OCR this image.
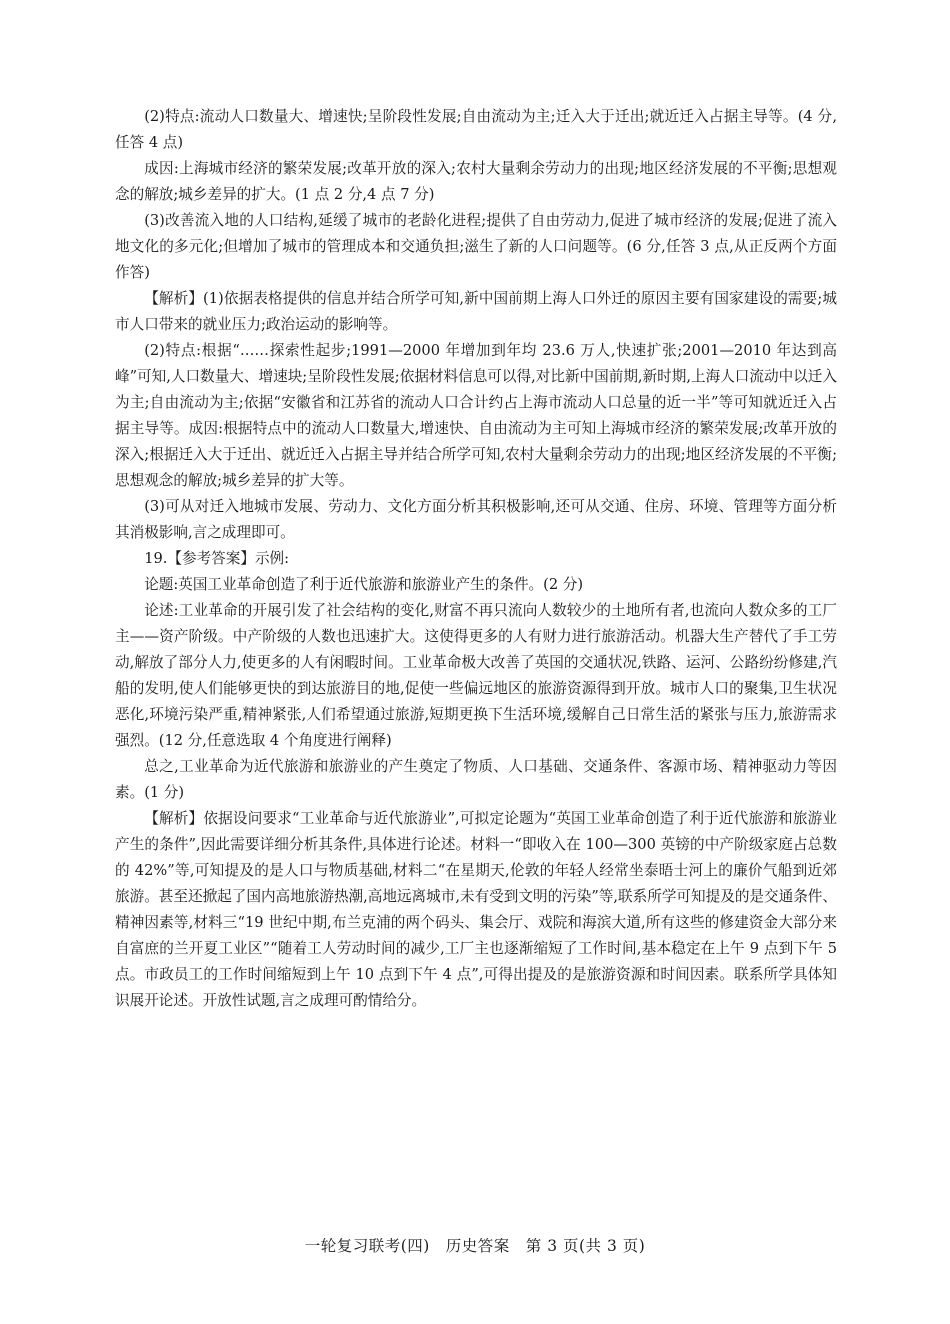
(2)特点:流动人口数量大、增速快;呈阶段性发展;自由流动为主;迁入大于迁出;就近迁入占据主导等。(4 分,任答 4 点)

成因:上海城市经济的繁荣发展;改革开放的深入;农村大量剩余劳动力的出现;地区经济发展的不平衡;思想观念的解放;城乡差异的扩大。(1 点 2 分,4 点 7 分)

(3)改善流入地的人口结构,延缓了城市的老龄化进程;提供了自由劳动力,促进了城市经济的发展;促进了流入地文化的多元化;但增加了城市的管理成本和交通负担;滋生了新的人口问题等。(6 分,任答 3 点,从正反两个方面作答)

【解析】(1)依据表格提供的信息并结合所学可知,新中国前期上海人口外迁的原因主要有国家建设的需要;城市人口带来的就业压力;政治运动的影响等。

(2)特点:根据“……探索性起步;1991—2000 年增加到年均 23.6 万人,快速扩张;2001—2010 年达到高峰”可知,人口数量大、增速块;呈阶段性发展;依据材料信息可以得,对比新中国前期,新时期,上海人口流动中以迁入为主;自由流动为主;依据“安徽省和江苏省的流动人口合计约占上海市流动人口总量的近一半”等可知就近迁入占据主导等。成因:根据特点中的流动人口数量大,增速快、自由流动为主可知上海城市经济的繁荣发展;改革开放的深入;根据迁入大于迁出、就近迁入占据主导并结合所学可知,农村大量剩余劳动力的出现;地区经济发展的不平衡;思想观念的解放;城乡差异的扩大等。

(3)可从对迁入地城市发展、劳动力、文化方面分析其积极影响,还可从交通、住房、环境、管理等方面分析其消极影响,言之成理即可。

19.【参考答案】示例:

论题:英国工业革命创造了利于近代旅游和旅游业产生的条件。(2 分)

论述:工业革命的开展引发了社会结构的变化,财富不再只流向人数较少的土地所有者,也流向人数众多的工厂主——资产阶级。中产阶级的人数也迅速扩大。这使得更多的人有财力进行旅游活动。机器大生产替代了手工劳动,解放了部分人力,使更多的人有闲暇时间。工业革命极大改善了英国的交通状况,铁路、运河、公路纷纷修建,汽船的发明,使人们能够更快的到达旅游目的地,促使一些偏远地区的旅游资源得到开放。城市人口的聚集,卫生状况恶化,环境污染严重,精神紧张,人们希望通过旅游,短期更换下生活环境,缓解自己日常生活的紧张与压力,旅游需求强烈。(12 分,任意选取 4 个角度进行阐释)

总之,工业革命为近代旅游和旅游业的产生奠定了物质、人口基础、交通条件、客源市场、精神驱动力等因素。(1 分)

【解析】依据设问要求“工业革命与近代旅游业”,可拟定论题为“英国工业革命创造了利于近代旅游和旅游业产生的条件”,因此需要详细分析其条件,具体进行论述。材料一“即收入在 100—300 英镑的中产阶级家庭占总数的 42%”等,可知提及的是人口与物质基础,材料二“在星期天,伦敦的年轻人经常坐泰晤士河上的廉价气船到近郊旅游。甚至还掀起了国内高地旅游热潮,高地远离城市,未有受到文明的污染”等,联系所学可知提及的是交通条件、精神因素等,材料三“19 世纪中期,布兰克浦的两个码头、集会厅、戏院和海滨大道,所有这些的修建资金大部分来自富庶的兰开夏工业区”“随着工人劳动时间的减少,工厂主也逐渐缩短了工作时间,基本稳定在上午 9 点到下午 5 点。市政员工的工作时间缩短到上午 10 点到下午 4 点”,可得出提及的是旅游资源和时间因素。联系所学具体知识展开论述。开放性试题,言之成理可酌情给分。

一轮复习联考(四)　历史答案　第 3 页(共 3 页)
